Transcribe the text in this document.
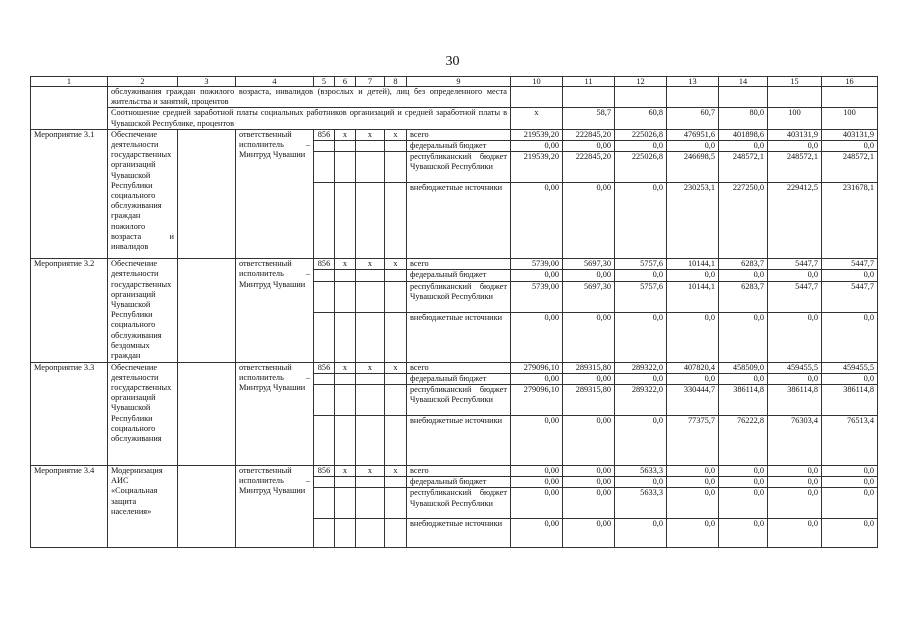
30
1	2	3	4	5	6	7	8	9	10	11	12	13	14	15	16	
	обслуживания граждан пожилого возраста, инвалидов (взрослых и детей), лиц без определенного места жительства и занятий, процентов															
	Соотношение средней заработной платы социальных работников организаций и средней заработной платы в Чувашской Республике, процентов								х	58,7	60,8	60,7	80,0	100	100	
Мероприятие 3.1	Обеспечение деятельности государственных организаций Чувашской Республики социального обслуживания граждан пожилого возраста и инвалидов		ответственный исполнитель – Минтруд Чувашии	856	х	х	х	всего	219539,20	222845,20	225026,8	476951,6	401898,6	403131,9	403131,9	
								федеральный бюджет	0,00	0,00	0,0	0,0	0,0	0,0	0,0	
								республиканский бюджет Чувашской Республики	219539,20	222845,20	225026,8	246698,5	248572,1	248572,1	248572,1	
								внебюджетные источники	0,00	0,00	0,0	230253,1	227250,0	229412,5	231678,1	
Мероприятие 3.2	Обеспечение деятельности государственных организаций Чувашской Республики социального обслуживания бездомных граждан		ответственный исполнитель – Минтруд Чувашии	856	х	х	х	всего	5739,00	5697,30	5757,6	10144,1	6283,7	5447,7	5447,7	
								федеральный бюджет	0,00	0,00	0,0	0,0	0,0	0,0	0,0	
								республиканский бюджет Чувашской Республики	5739,00	5697,30	5757,6	10144,1	6283,7	5447,7	5447,7	
								внебюджетные источники	0,00	0,00	0,0	0,0	0,0	0,0	0,0	
Мероприятие 3.3	Обеспечение деятельности государственных организаций Чувашской Республики социального обслуживания		ответственный исполнитель – Минтруд Чувашии	856	х	х	х	всего	279096,10	289315,80	289322,0	407820,4	458509,0	459455,5	459455,5	
								федеральный бюджет	0,00	0,00	0,0	0,0	0,0	0,0	0,0	
								республиканский бюджет Чувашской Республики	279096,10	289315,80	289322,0	330444,7	386114,8	386114,8	386114,8	
								внебюджетные источники	0,00	0,00	0,0	77375,7	76222,8	76303,4	76513,4	
Мероприятие 3.4	Модернизация АИС «Социальная защита населения»		ответственный исполнитель – Минтруд Чувашии	856	х	х	х	всего	0,00	0,00	5633,3	0,0	0,0	0,0	0,0	
								федеральный бюджет	0,00	0,00	0,0	0,0	0,0	0,0	0,0	
								республиканский бюджет Чувашской Республики	0,00	0,00	5633,3	0,0	0,0	0,0	0,0	
								внебюджетные источники	0,00	0,00	0,0	0,0	0,0	0,0	0,0	
